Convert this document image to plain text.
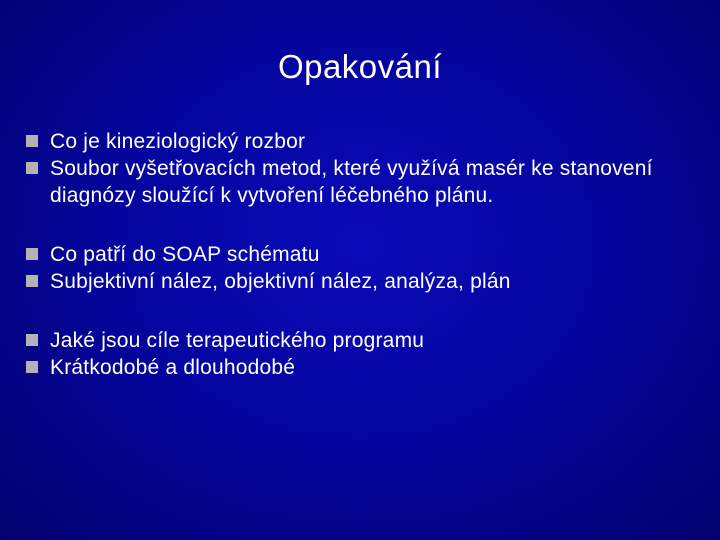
Opakování
Co je kineziologický rozbor
Soubor vyšetřovacích metod, které využívá masér ke stanovení diagnózy sloužící k vytvoření léčebného plánu.
Co patří do SOAP schématu
Subjektivní nález, objektivní nález, analýza, plán
Jaké jsou cíle terapeutického programu
Krátkodobé a dlouhodobé
